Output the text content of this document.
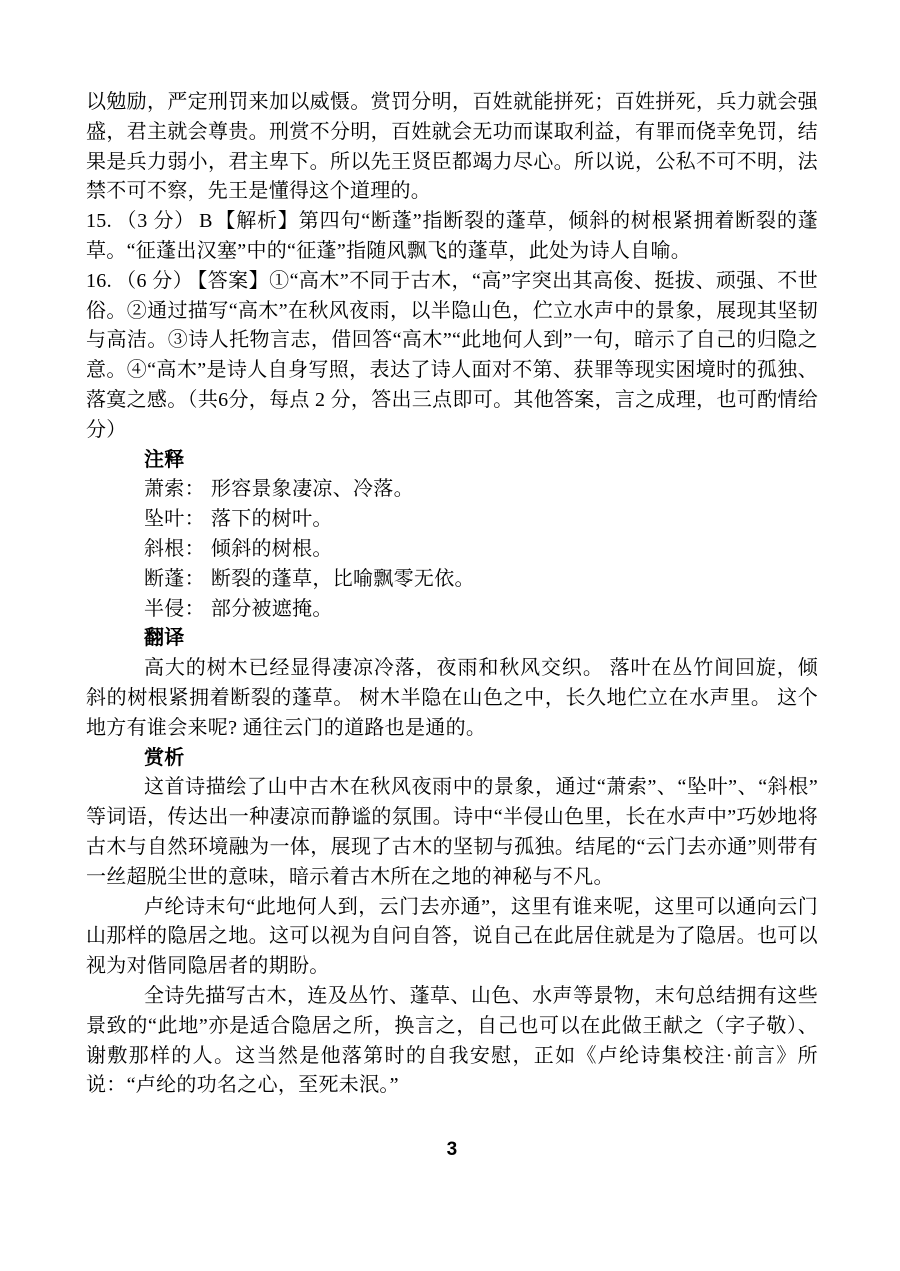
以勉励，严定刑罚来加以威慑。赏罚分明，百姓就能拼死；百姓拼死，兵力就会强盛，君主就会尊贵。刑赏不分明，百姓就会无功而谋取利益，有罪而侥幸免罚，结果是兵力弱小，君主卑下。所以先王贤臣都竭力尽心。所以说，公私不可不明，法禁不可不察，先王是懂得这个道理的。

15. （3 分） B 【解析】第四句“断蓬”指断裂的蓬草，倾斜的树根紧拥着断裂的蓬草。“征蓬出汉塞”中的“征蓬”指随风飘飞的蓬草，此处为诗人自喻。

16. （6 分） 【答案】①“高木”不同于古木，“高”字突出其高俊、挺拔、顽强、不世俗。②通过描写“高木”在秋风夜雨，以半隐山色，伫立水声中的景象，展现其坚韧与高洁。③诗人托物言志，借回答“高木”“此地何人到”一句，暗示了自己的归隐之意。④“高木”是诗人自身写照，表达了诗人面对不第、获罪等现实困境时的孤独、落寞之感。（共6分，每点 2 分，答出三点即可。其他答案，言之成理，也可酌情给分）

注释

萧索： 形容景象凄凉、冷落。

坠叶： 落下的树叶。

斜根： 倾斜的树根。

断蓬： 断裂的蓬草，比喻飘零无依。

半侵： 部分被遮掩。

翻译

高大的树木已经显得凄凉冷落，夜雨和秋风交织。 落叶在丛竹间回旋，倾斜的树根紧拥着断裂的蓬草。 树木半隐在山色之中，长久地伫立在水声里。 这个地方有谁会来呢? 通往云门的道路也是通的。

赏析

这首诗描绘了山中古木在秋风夜雨中的景象，通过“萧索”、“坠叶”、“斜根”等词语，传达出一种凄凉而静谧的氛围。诗中“半侵山色里，长在水声中”巧妙地将古木与自然环境融为一体，展现了古木的坚韧与孤独。结尾的“云门去亦通”则带有一丝超脱尘世的意味，暗示着古木所在之地的神秘与不凡。

卢纶诗末句“此地何人到，云门去亦通”，这里有谁来呢，这里可以通向云门山那样的隐居之地。这可以视为自问自答，说自己在此居住就是为了隐居。也可以视为对偕同隐居者的期盼。

全诗先描写古木，连及丛竹、蓬草、山色、水声等景物，末句总结拥有这些景致的“此地”亦是适合隐居之所，换言之，自己也可以在此做王献之（字子敬）、谢敷那样的人。这当然是他落第时的自我安慰，正如《卢纶诗集校注·前言》所说：“卢纶的功名之心，至死未泯。”

3
